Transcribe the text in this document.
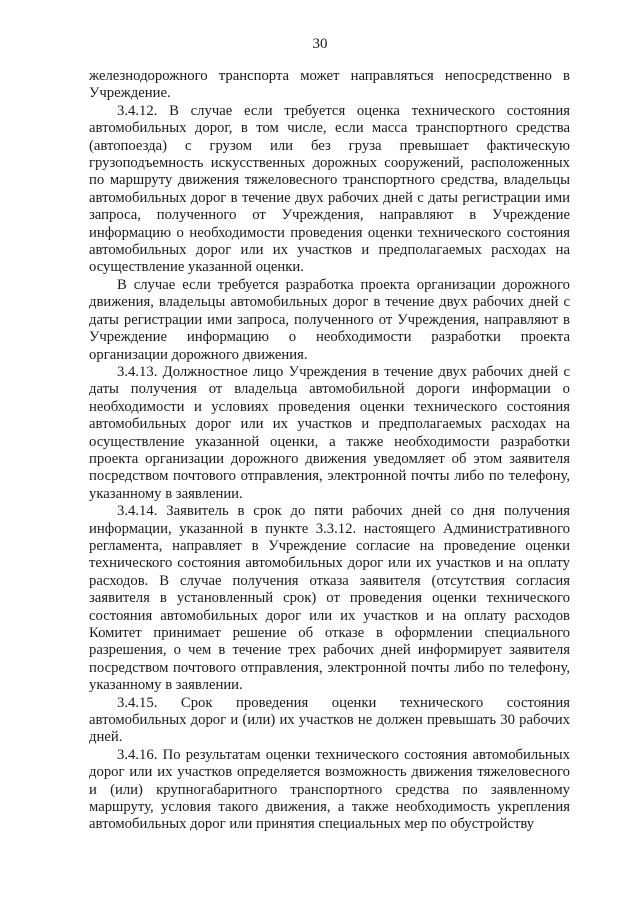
30

железнодорожного транспорта может направляться непосредственно в Учреждение.

3.4.12. В случае если требуется оценка технического состояния автомобильных дорог, в том числе, если масса транспортного средства (автопоезда) с грузом или без груза превышает фактическую грузоподъемность искусственных дорожных сооружений, расположенных по маршруту движения тяжеловесного транспортного средства, владельцы автомобильных дорог в течение двух рабочих дней с даты регистрации ими запроса, полученного от Учреждения, направляют в Учреждение информацию о необходимости проведения оценки технического состояния автомобильных дорог или их участков и предполагаемых расходах на осуществление указанной оценки.

В случае если требуется разработка проекта организации дорожного движения, владельцы автомобильных дорог в течение двух рабочих дней с даты регистрации ими запроса, полученного от Учреждения, направляют в Учреждение информацию о необходимости разработки проекта организации дорожного движения.

3.4.13. Должностное лицо Учреждения в течение двух рабочих дней с даты получения от владельца автомобильной дороги информации о необходимости и условиях проведения оценки технического состояния автомобильных дорог или их участков и предполагаемых расходах на осуществление указанной оценки, а также необходимости разработки проекта организации дорожного движения уведомляет об этом заявителя посредством почтового отправления, электронной почты либо по телефону, указанному в заявлении.

3.4.14. Заявитель в срок до пяти рабочих дней со дня получения информации, указанной в пункте 3.3.12. настоящего Административного регламента, направляет в Учреждение согласие на проведение оценки технического состояния автомобильных дорог или их участков и на оплату расходов. В случае получения отказа заявителя (отсутствия согласия заявителя в установленный срок) от проведения оценки технического состояния автомобильных дорог или их участков и на оплату расходов Комитет принимает решение об отказе в оформлении специального разрешения, о чем в течение трех рабочих дней информирует заявителя посредством почтового отправления, электронной почты либо по телефону, указанному в заявлении.

3.4.15. Срок проведения оценки технического состояния автомобильных дорог и (или) их участков не должен превышать 30 рабочих дней.

3.4.16. По результатам оценки технического состояния автомобильных дорог или их участков определяется возможность движения тяжеловесного и (или) крупногабаритного транспортного средства по заявленному маршруту, условия такого движения, а также необходимость укрепления автомобильных дорог или принятия специальных мер по обустройству
